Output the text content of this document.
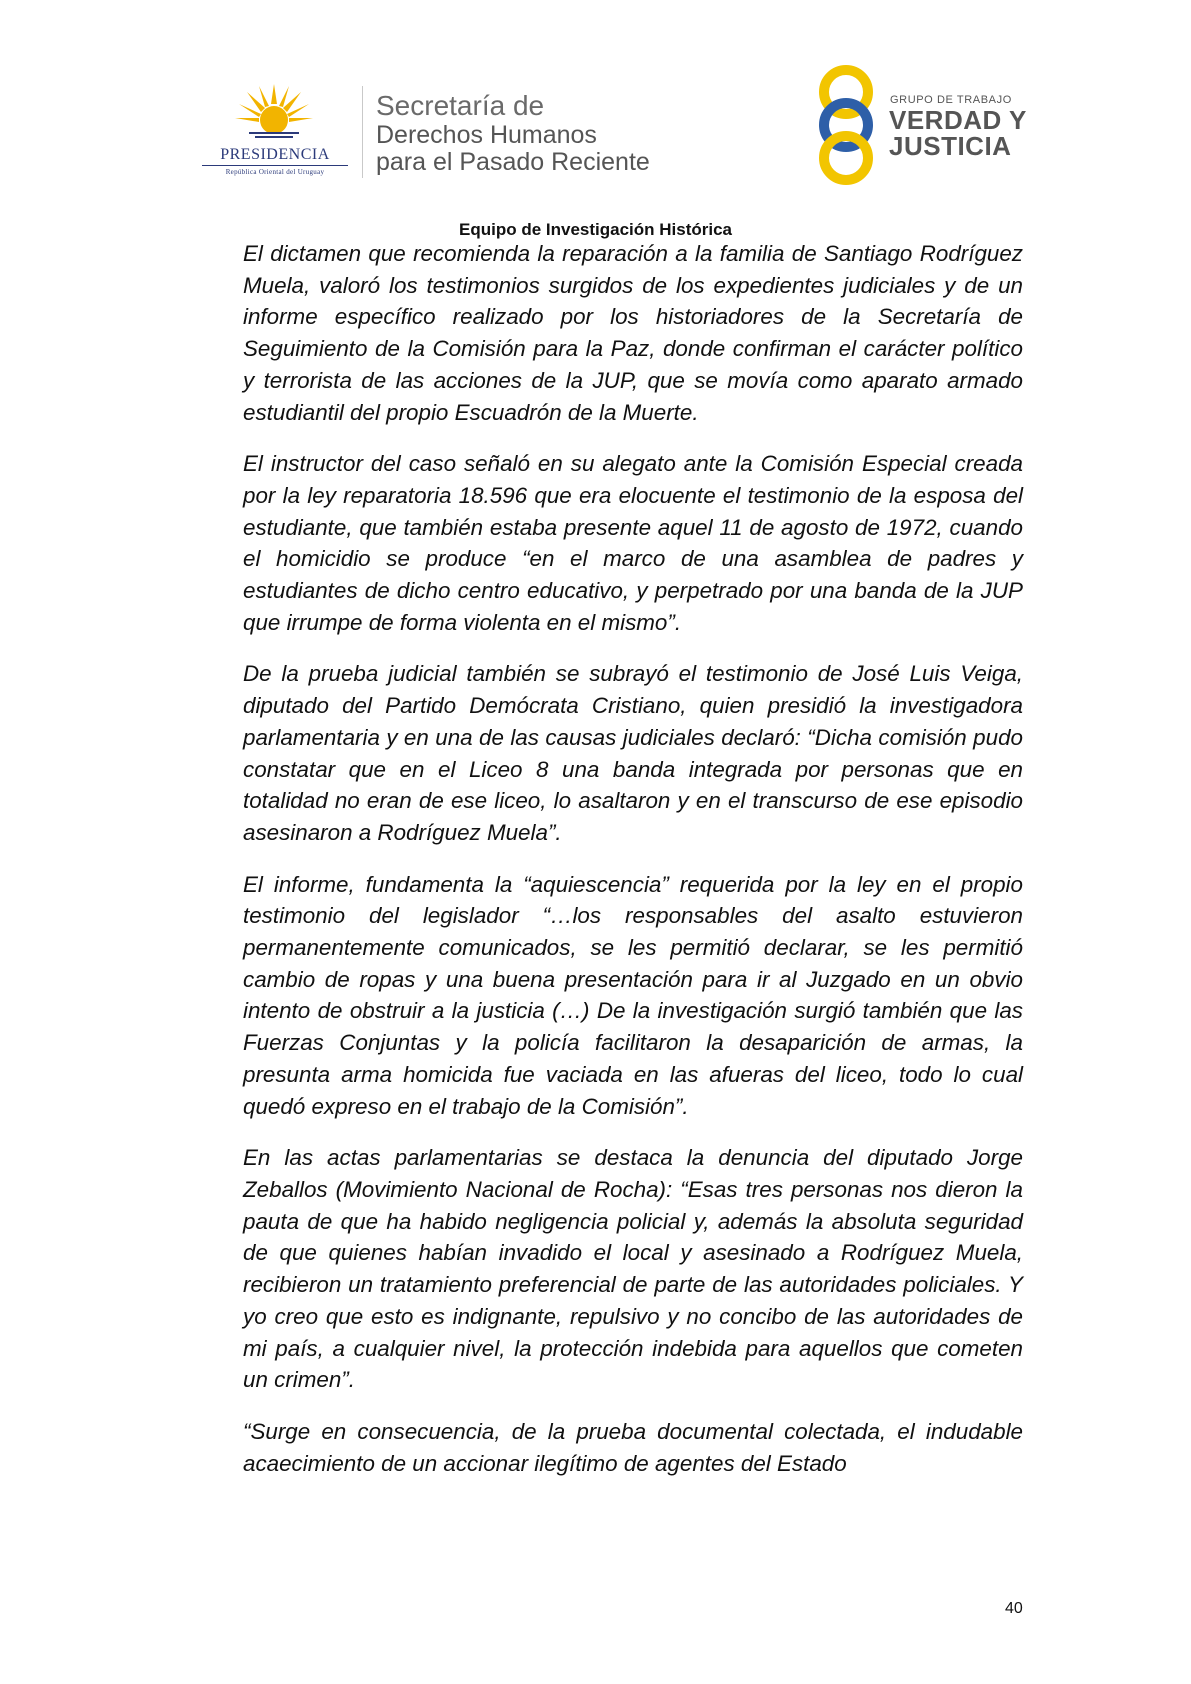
PRESIDENCIA
República Oriental del Uruguay
Secretaría de
Derechos Humanos
para el Pasado Reciente
GRUPO DE TRABAJO
VERDAD Y
JUSTICIA
Equipo de Investigación Histórica

El dictamen que recomienda la reparación a la familia de Santiago Rodríguez Muela, valoró los testimonios surgidos de los expedientes judiciales y de un informe específico realizado por los historiadores de la Secretaría de Seguimiento de la Comisión para la Paz, donde confirman el carácter político y terrorista de las acciones de la JUP, que se movía como aparato armado estudiantil del propio Escuadrón de la Muerte.

El instructor del caso señaló en su alegato ante la Comisión Especial creada por la ley reparatoria 18.596 que era elocuente el testimonio de la esposa del estudiante, que también estaba presente aquel 11 de agosto de 1972, cuando el homicidio se produce “en el marco de una asamblea de padres y estudiantes de dicho centro educativo, y perpetrado por una banda de la JUP que irrumpe de forma violenta en el mismo”.

De la prueba judicial también se subrayó el testimonio de José Luis Veiga, diputado del Partido Demócrata Cristiano, quien presidió la investigadora parlamentaria y en una de las causas judiciales declaró: “Dicha comisión pudo constatar que en el Liceo 8 una banda integrada por personas que en totalidad no eran de ese liceo, lo asaltaron y en el transcurso de ese episodio asesinaron a Rodríguez Muela”.

El informe, fundamenta la “aquiescencia” requerida por la ley en el propio testimonio del legislador “…los responsables del asalto estuvieron permanentemente comunicados, se les permitió declarar, se les permitió cambio de ropas y una buena presentación para ir al Juzgado en un obvio intento de obstruir a la justicia (…) De la investigación surgió también que las Fuerzas Conjuntas y la policía facilitaron la desaparición de armas, la presunta arma homicida fue vaciada en las afueras del liceo, todo lo cual quedó expreso en el trabajo de la Comisión”.

En las actas parlamentarias se destaca la denuncia del diputado Jorge Zeballos (Movimiento Nacional de Rocha): “Esas tres personas nos dieron la pauta de que ha habido negligencia policial y, además la absoluta seguridad de que quienes habían invadido el local y asesinado a Rodríguez Muela, recibieron un tratamiento preferencial de parte de las autoridades policiales. Y yo creo que esto es indignante, repulsivo y no concibo de las autoridades de mi país, a cualquier nivel, la protección indebida para aquellos que cometen un crimen”.

“Surge en consecuencia, de la prueba documental colectada, el indudable acaecimiento de un accionar ilegítimo de agentes del Estado

40
